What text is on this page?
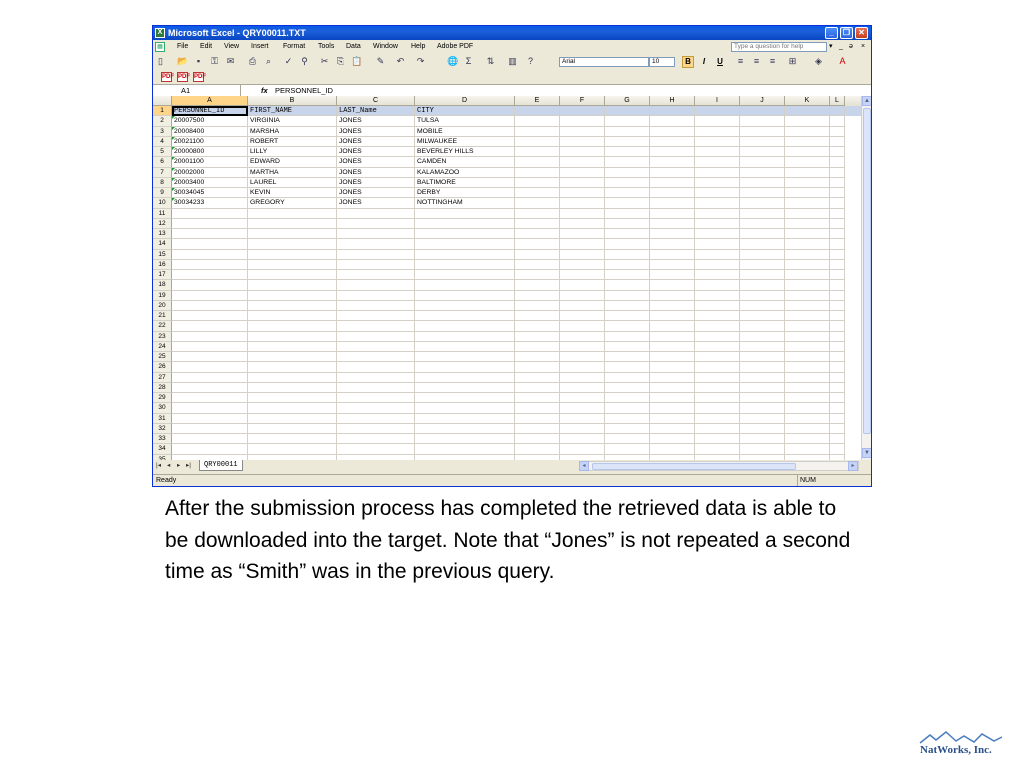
X Microsoft Excel - QRY00011.TXT	_	❐	✕
▦	File Edit View Insert Format Tools Data Window Help Adobe PDF	Type a question for help	▾ _ ə ×
▯	📂 ▪	⚿ ✉ ⎙	⌕	✓ ⚲ ✂ ⎘ 📋 ✎ ↶ ↷	🌐 Σ	⇅ ▥	?	Arial	10	B	I	U	≡	≡	≡	⊞ ◈ A
PDF PDF PDF
A1	fx PERSONNEL_ID
A	B	C	D	E	F	G	H	I	J	K	L
1	PERSONNEL_ID	FIRST_NAME	LAST_Name	CITY
2	20007500	VIRGINIA	JONES	TULSA
3	20008400	MARSHA	JONES	MOBILE
4	20021100	ROBERT	JONES	MILWAUKEE
5	20000800	LILLY	JONES	BEVERLEY HILLS
6	20001100	EDWARD	JONES	CAMDEN
7	20002000	MARTHA	JONES	KALAMAZOO
8	20003400	LAUREL	JONES	BALTIMORE
9	30034045	KEVIN	JONES	DERBY
10	30034233	GREGORY	JONES	NOTTINGHAM
11
12
13
14
15
16
17
18
19
20
21
22
23
24
25
26
27
28
29
30
31
32
33
34
35
▲
▼
|◂ ◂ ▸ ▸|	QRY00011	◂	▸
Ready	NUM

After the submission process has completed the retrieved data is able to be downloaded into the target. Note that “Jones” is not repeated a second time as “Smith” was in the previous query.

NatWorks, Inc.
